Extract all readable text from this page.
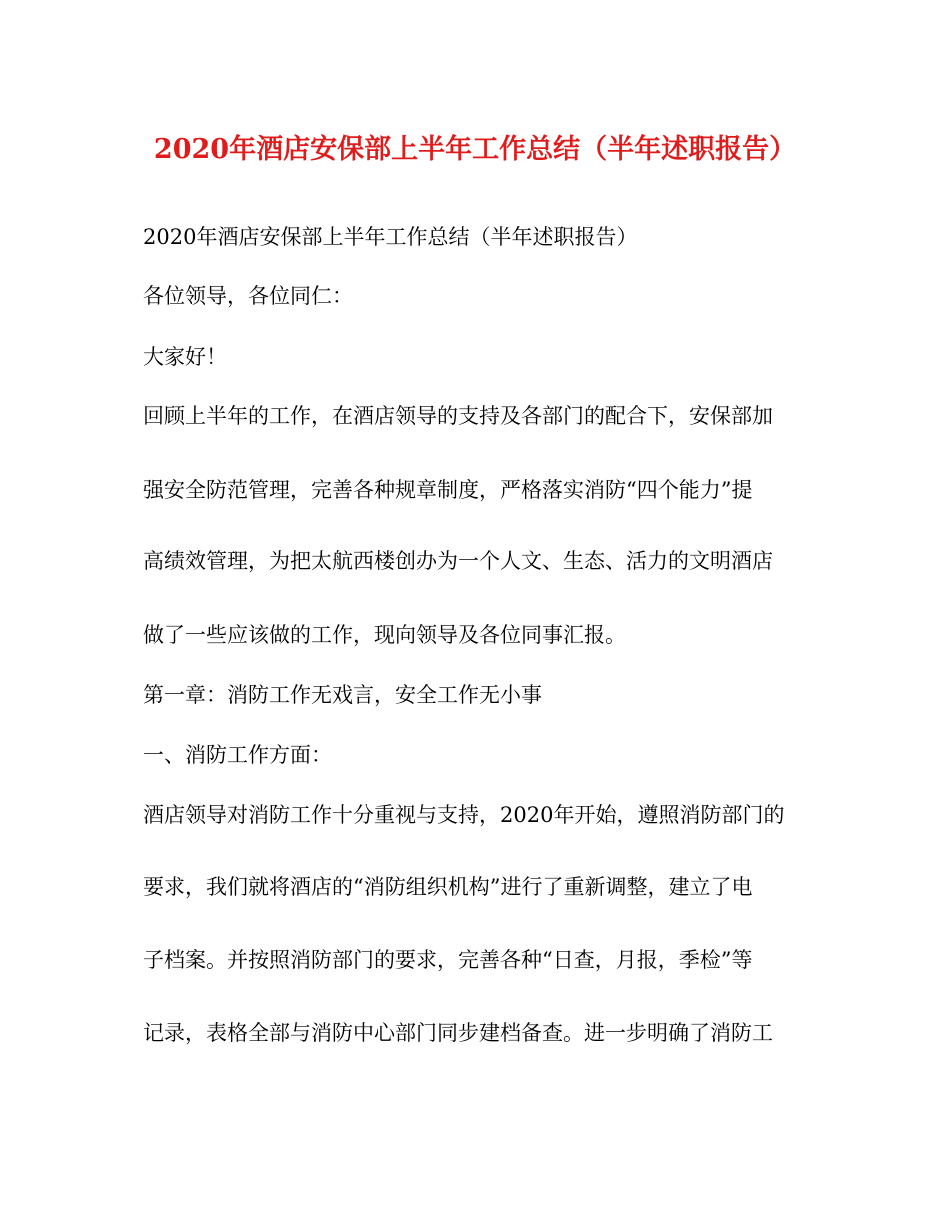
2020年酒店安保部上半年工作总结（半年述职报告）
2020年酒店安保部上半年工作总结（半年述职报告）
各位领导，各位同仁：
大家好！
回顾上半年的工作，在酒店领导的支持及各部门的配合下，安保部加
强安全防范管理，完善各种规章制度，严格落实消防“四个能力”提
高绩效管理，为把太航西楼创办为一个人文、生态、活力的文明酒店
做了一些应该做的工作，现向领导及各位同事汇报。
第一章：消防工作无戏言，安全工作无小事
一、消防工作方面：
酒店领导对消防工作十分重视与支持，2020年开始，遵照消防部门的
要求，我们就将酒店的“消防组织机构”进行了重新调整，建立了电
子档案。并按照消防部门的要求，完善各种“日查，月报，季检”等
记录，表格全部与消防中心部门同步建档备查。进一步明确了消防工
